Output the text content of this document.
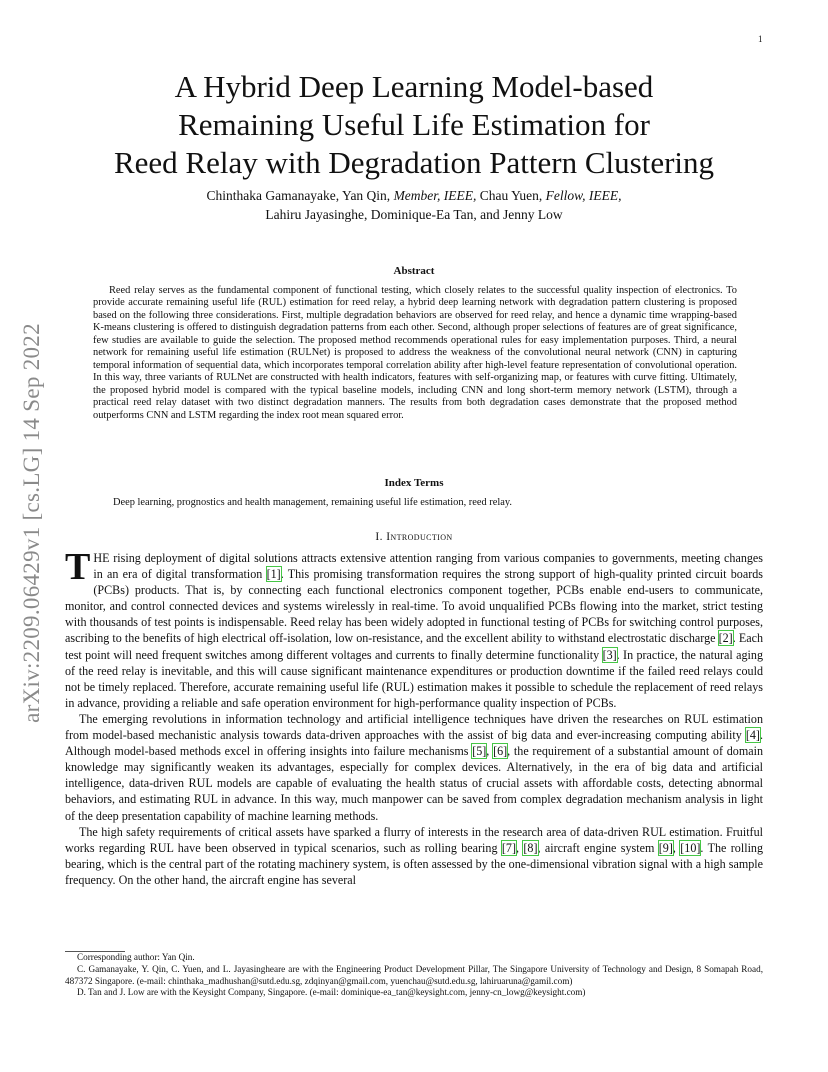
1
arXiv:2209.06429v1 [cs.LG] 14 Sep 2022
A Hybrid Deep Learning Model-based
Remaining Useful Life Estimation for
Reed Relay with Degradation Pattern Clustering
Chinthaka Gamanayake, Yan Qin, Member, IEEE, Chau Yuen, Fellow, IEEE,
Lahiru Jayasinghe, Dominique-Ea Tan, and Jenny Low
Abstract

Reed relay serves as the fundamental component of functional testing, which closely relates to the successful quality inspection of electronics. To provide accurate remaining useful life (RUL) estimation for reed relay, a hybrid deep learning network with degradation pattern clustering is proposed based on the following three considerations. First, multiple degradation behaviors are observed for reed relay, and hence a dynamic time wrapping-based K-means clustering is offered to distinguish degradation patterns from each other. Second, although proper selections of features are of great significance, few studies are available to guide the selection. The proposed method recommends operational rules for easy implementation purposes. Third, a neural network for remaining useful life estimation (RULNet) is proposed to address the weakness of the convolutional neural network (CNN) in capturing temporal information of sequential data, which incorporates temporal correlation ability after high-level feature representation of convolutional operation. In this way, three variants of RULNet are constructed with health indicators, features with self-organizing map, or features with curve fitting. Ultimately, the proposed hybrid model is compared with the typical baseline models, including CNN and long short-term memory network (LSTM), through a practical reed relay dataset with two distinct degradation manners. The results from both degradation cases demonstrate that the proposed method outperforms CNN and LSTM regarding the index root mean squared error.

Index Terms

Deep learning, prognostics and health management, remaining useful life estimation, reed relay.

I. Introduction

THE rising deployment of digital solutions attracts extensive attention ranging from various companies to governments, meeting changes in an era of digital transformation [1]. This promising transformation requires the strong support of high-quality printed circuit boards (PCBs) products. That is, by connecting each functional electronics component together, PCBs enable end-users to communicate, monitor, and control connected devices and systems wirelessly in real-time. To avoid unqualified PCBs flowing into the market, strict testing with thousands of test points is indispensable. Reed relay has been widely adopted in functional testing of PCBs for switching control purposes, ascribing to the benefits of high electrical off-isolation, low on-resistance, and the excellent ability to withstand electrostatic discharge [2]. Each test point will need frequent switches among different voltages and currents to finally determine functionality [3]. In practice, the natural aging of the reed relay is inevitable, and this will cause significant maintenance expenditures or production downtime if the failed reed relays could not be timely replaced. Therefore, accurate remaining useful life (RUL) estimation makes it possible to schedule the replacement of reed relays in advance, providing a reliable and safe operation environment for high-performance quality inspection of PCBs.

The emerging revolutions in information technology and artificial intelligence techniques have driven the researches on RUL estimation from model-based mechanistic analysis towards data-driven approaches with the assist of big data and ever-increasing computing ability [4]. Although model-based methods excel in offering insights into failure mechanisms [5], [6], the requirement of a substantial amount of domain knowledge may significantly weaken its advantages, especially for complex devices. Alternatively, in the era of big data and artificial intelligence, data-driven RUL models are capable of evaluating the health status of crucial assets with affordable costs, detecting abnormal behaviors, and estimating RUL in advance. In this way, much manpower can be saved from complex degradation mechanism analysis in light of the deep presentation capability of machine learning methods.

The high safety requirements of critical assets have sparked a flurry of interests in the research area of data-driven RUL estimation. Fruitful works regarding RUL have been observed in typical scenarios, such as rolling bearing [7], [8], aircraft engine system [9], [10]. The rolling bearing, which is the central part of the rotating machinery system, is often assessed by the one-dimensional vibration signal with a high sample frequency. On the other hand, the aircraft engine has several

Corresponding author: Yan Qin.

C. Gamanayake, Y. Qin, C. Yuen, and L. Jayasingheare are with the Engineering Product Development Pillar, The Singapore University of Technology and Design, 8 Somapah Road, 487372 Singapore. (e-mail: chinthaka_madhushan@sutd.edu.sg, zdqinyan@gmail.com, yuenchau@sutd.edu.sg, lahiruaruna@gamil.com)

D. Tan and J. Low are with the Keysight Company, Singapore. (e-mail: dominique-ea_tan@keysight.com, jenny-cn_lowg@keysight.com)
